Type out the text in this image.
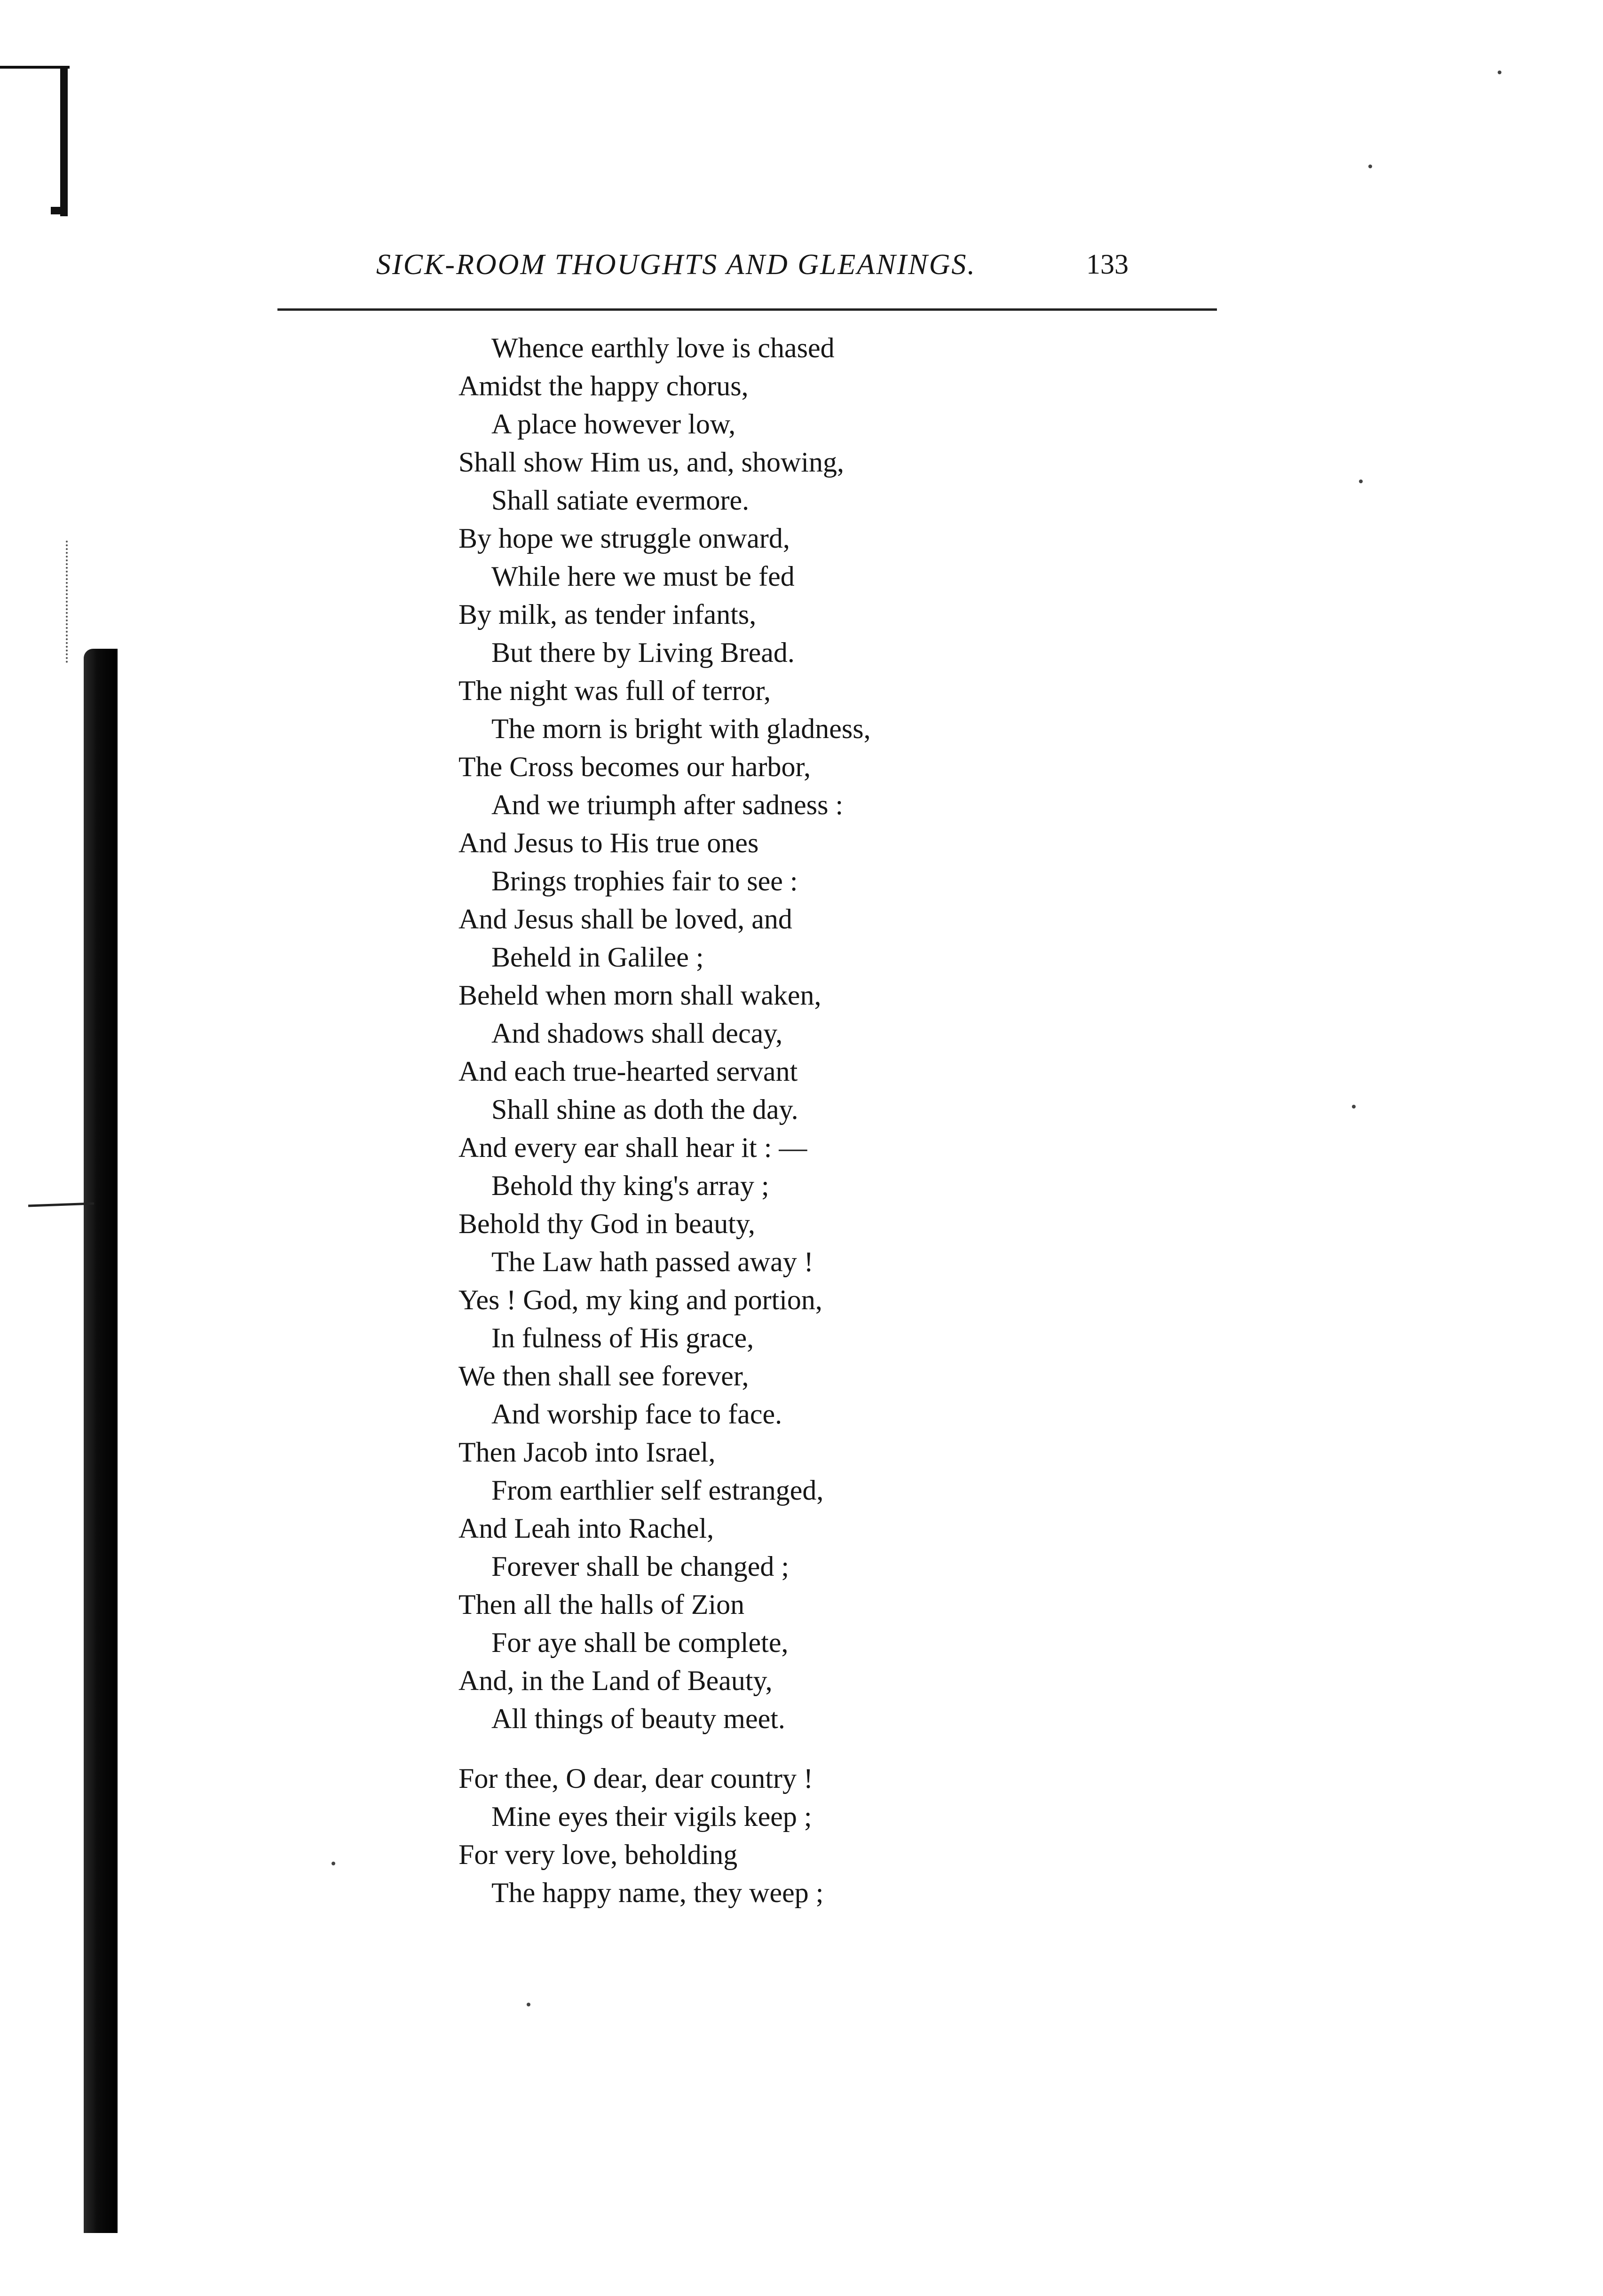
SICK-ROOM THOUGHTS AND GLEANINGS.	133
Whence earthly love is chased
Amidst the happy chorus,
A place however low,
Shall show Him us, and, showing,
Shall satiate evermore.
By hope we struggle onward,
While here we must be fed
By milk, as tender infants,
But there by Living Bread.
The night was full of terror,
The morn is bright with gladness,
The Cross becomes our harbor,
And we triumph after sadness :
And Jesus to His true ones
Brings trophies fair to see :
And Jesus shall be loved, and
Beheld in Galilee ;
Beheld when morn shall waken,
And shadows shall decay,
And each true-hearted servant
Shall shine as doth the day.
And every ear shall hear it : —
Behold thy king's array ;
Behold thy God in beauty,
The Law hath passed away !
Yes ! God, my king and portion,
In fulness of His grace,
We then shall see forever,
And worship face to face.
Then Jacob into Israel,
From earthlier self estranged,
And Leah into Rachel,
Forever shall be changed ;
Then all the halls of Zion
For aye shall be complete,
And, in the Land of Beauty,
All things of beauty meet.
For thee, O dear, dear country !
Mine eyes their vigils keep ;
For very love, beholding
The happy name, they weep ;
